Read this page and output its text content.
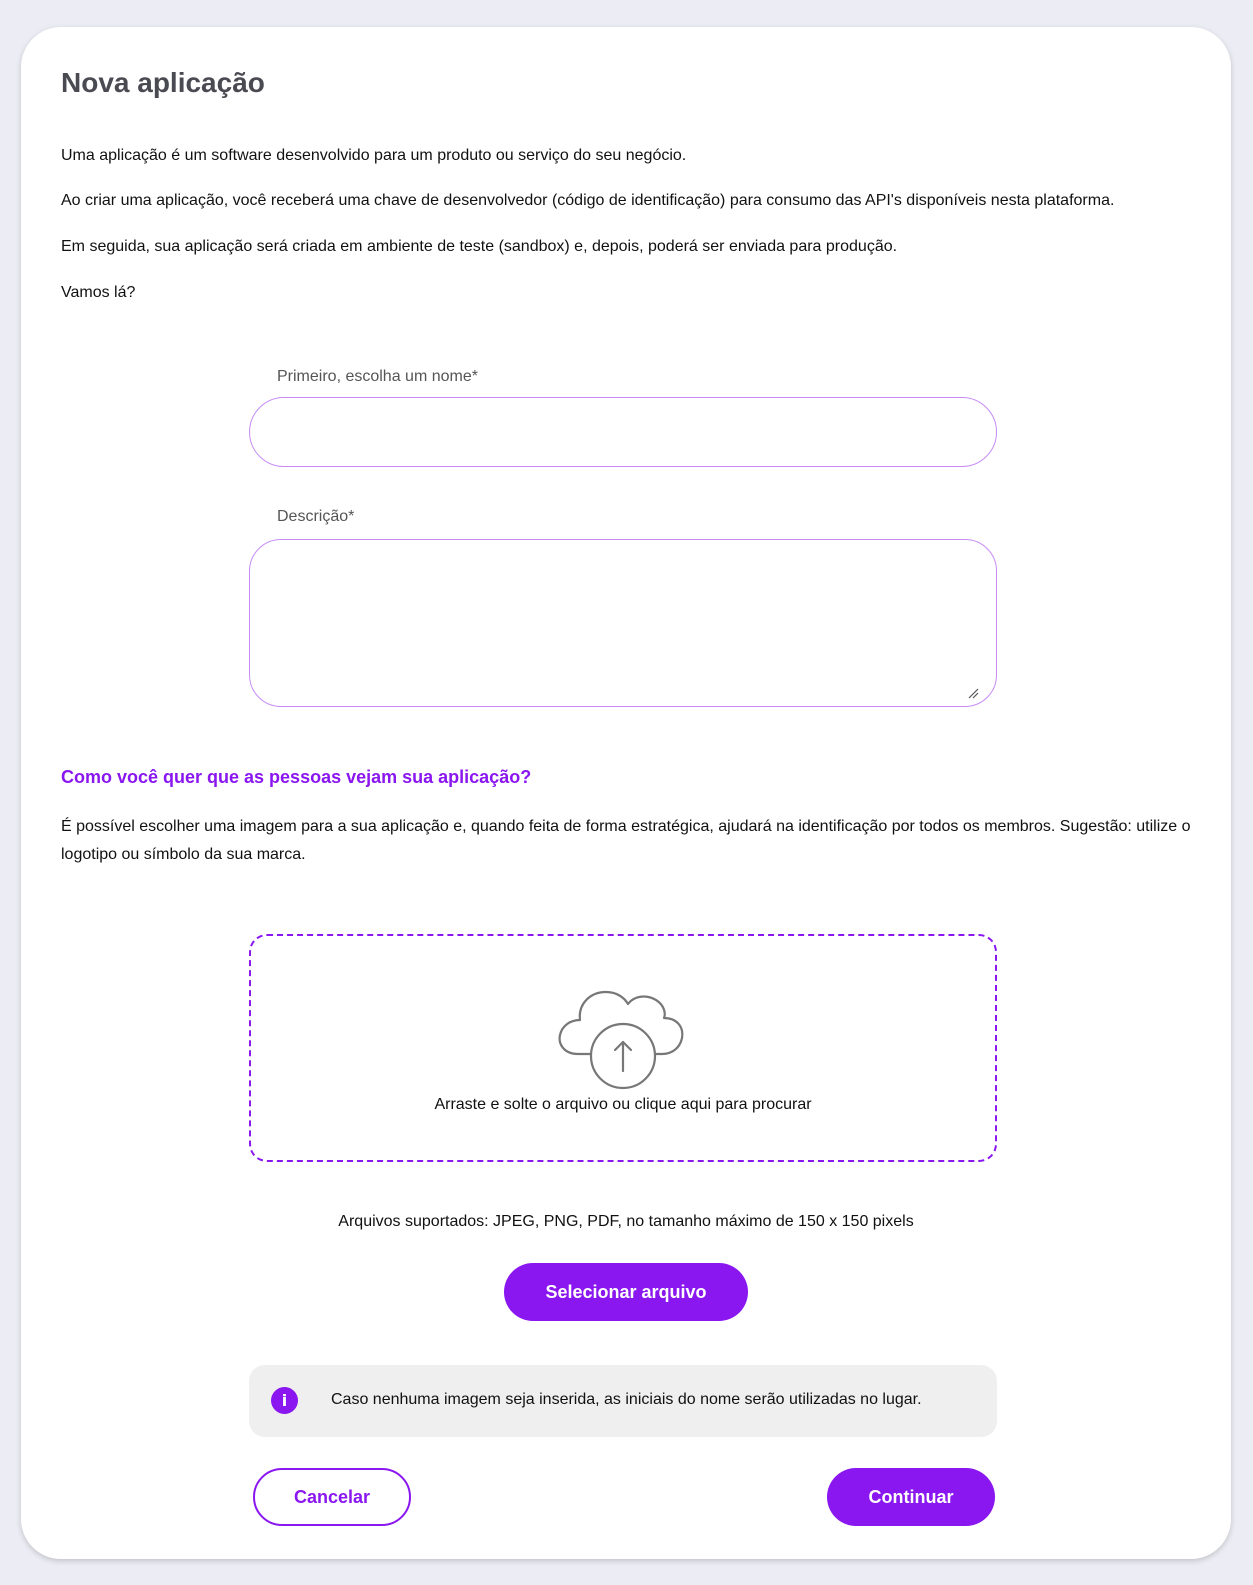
Nova aplicação

Uma aplicação é um software desenvolvido para um produto ou serviço do seu negócio.

Ao criar uma aplicação, você receberá uma chave de desenvolvedor (código de identificação) para consumo das API's disponíveis nesta plataforma.

Em seguida, sua aplicação será criada em ambiente de teste (sandbox) e, depois, poderá ser enviada para produção.

Vamos lá?

Primeiro, escolha um nome*
Descrição*
Como você quer que as pessoas vejam sua aplicação?

É possível escolher uma imagem para a sua aplicação e, quando feita de forma estratégica, ajudará na identificação por todos os membros. Sugestão: utilize o logotipo ou símbolo da sua marca.

Arraste e solte o arquivo ou clique aqui para procurar
Arquivos suportados: JPEG, PNG, PDF, no tamanho máximo de 150 x 150 pixels
Selecionar arquivo
i	Caso nenhuma imagem seja inserida, as iniciais do nome serão utilizadas no lugar.
Cancelar	Continuar
